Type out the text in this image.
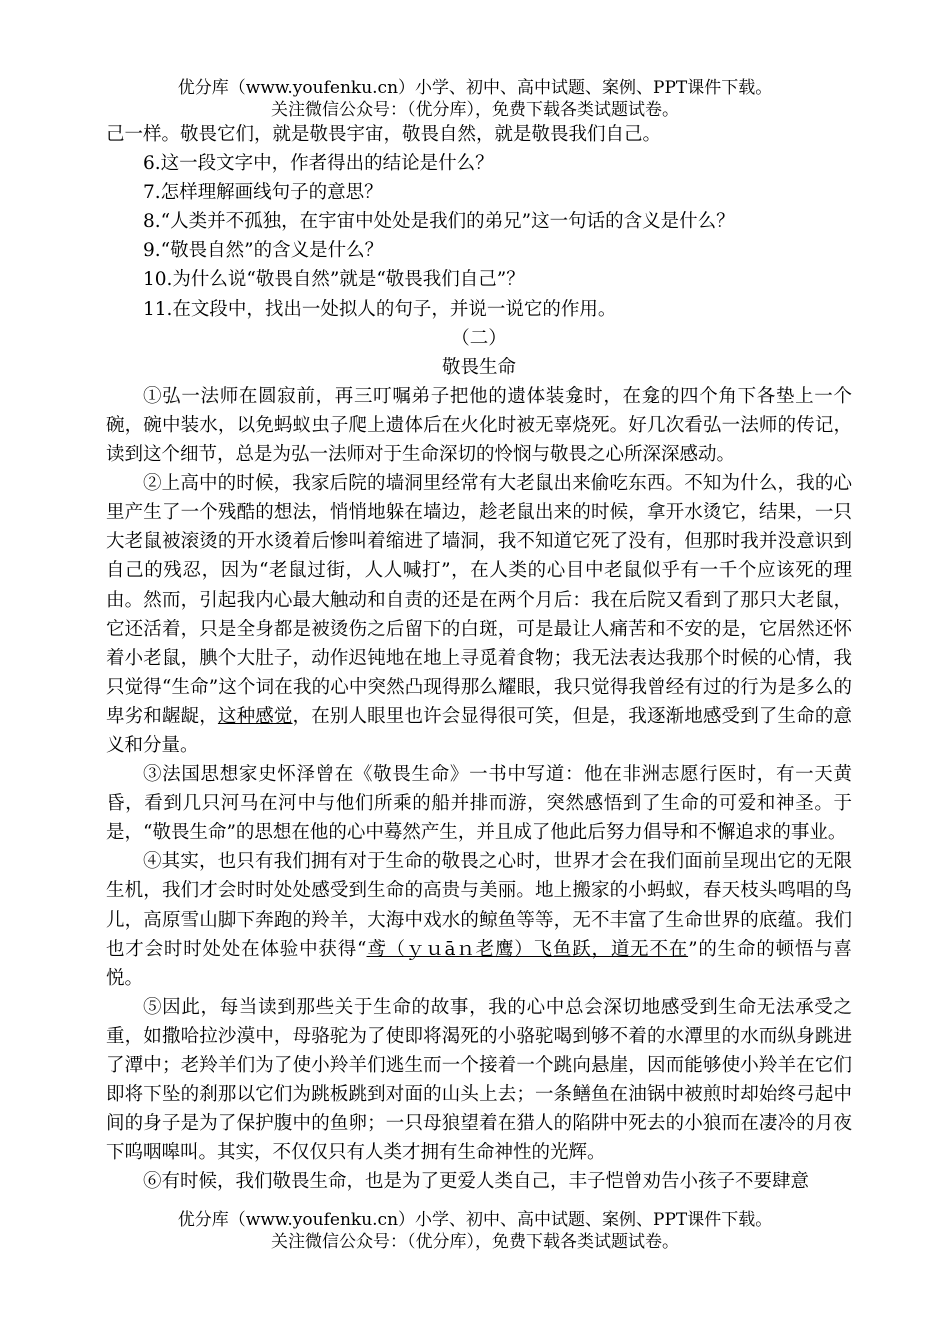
优分库（www.youfenku.cn）小学、初中、高中试题、案例、PPT课件下载。
关注微信公众号：（优分库），免费下载各类试题试卷。

己一样。敬畏它们，就是敬畏宇宙，敬畏自然，就是敬畏我们自己。

6.这一段文字中，作者得出的结论是什么？

7.怎样理解画线句子的意思？

8.“人类并不孤独，在宇宙中处处是我们的弟兄”这一句话的含义是什么？

9.“敬畏自然”的含义是什么？

10.为什么说“敬畏自然”就是“敬畏我们自己”？

11.在文段中，找出一处拟人的句子，并说一说它的作用。

（二）

敬畏生命

①弘一法师在圆寂前，再三叮嘱弟子把他的遗体装龛时，在龛的四个角下各垫上一个碗，碗中装水，以免蚂蚁虫子爬上遗体后在火化时被无辜烧死。好几次看弘一法师的传记，读到这个细节，总是为弘一法师对于生命深切的怜悯与敬畏之心所深深感动。

②上高中的时候，我家后院的墙洞里经常有大老鼠出来偷吃东西。不知为什么，我的心里产生了一个残酷的想法，悄悄地躲在墙边，趁老鼠出来的时候，拿开水烫它，结果，一只大老鼠被滚烫的开水烫着后惨叫着缩进了墙洞，我不知道它死了没有，但那时我并没意识到自己的残忍，因为“老鼠过街，人人喊打”，在人类的心目中老鼠似乎有一千个应该死的理由。然而，引起我内心最大触动和自责的还是在两个月后：我在后院又看到了那只大老鼠，它还活着，只是全身都是被烫伤之后留下的白斑，可是最让人痛苦和不安的是，它居然还怀着小老鼠，腆个大肚子，动作迟钝地在地上寻觅着食物；我无法表达我那个时候的心情，我只觉得“生命”这个词在我的心中突然凸现得那么耀眼，我只觉得我曾经有过的行为是多么的卑劣和龌龊，这种感觉，在别人眼里也许会显得很可笑，但是，我逐渐地感受到了生命的意义和分量。

③法国思想家史怀泽曾在《敬畏生命》一书中写道：他在非洲志愿行医时，有一天黄昏，看到几只河马在河中与他们所乘的船并排而游，突然感悟到了生命的可爱和神圣。于是，“敬畏生命”的思想在他的心中蓦然产生，并且成了他此后努力倡导和不懈追求的事业。

④其实，也只有我们拥有对于生命的敬畏之心时，世界才会在我们面前呈现出它的无限生机，我们才会时时处处感受到生命的高贵与美丽。地上搬家的小蚂蚁，春天枝头鸣唱的鸟儿，高原雪山脚下奔跑的羚羊，大海中戏水的鲸鱼等等，无不丰富了生命世界的底蕴。我们也才会时时处处在体验中获得“鸢（ｙｕāｎ老鹰）飞鱼跃，道无不在”的生命的顿悟与喜悦。

⑤因此，每当读到那些关于生命的故事，我的心中总会深切地感受到生命无法承受之重，如撒哈拉沙漠中，母骆驼为了使即将渴死的小骆驼喝到够不着的水潭里的水而纵身跳进了潭中；老羚羊们为了使小羚羊们逃生而一个接着一个跳向悬崖，因而能够使小羚羊在它们即将下坠的刹那以它们为跳板跳到对面的山头上去；一条鳝鱼在油锅中被煎时却始终弓起中间的身子是为了保护腹中的鱼卵；一只母狼望着在猎人的陷阱中死去的小狼而在凄冷的月夜下呜咽嗥叫。其实，不仅仅只有人类才拥有生命神性的光辉。

⑥有时候，我们敬畏生命，也是为了更爱人类自己，丰子恺曾劝告小孩子不要肆意

优分库（www.youfenku.cn）小学、初中、高中试题、案例、PPT课件下载。
关注微信公众号：（优分库），免费下载各类试题试卷。
